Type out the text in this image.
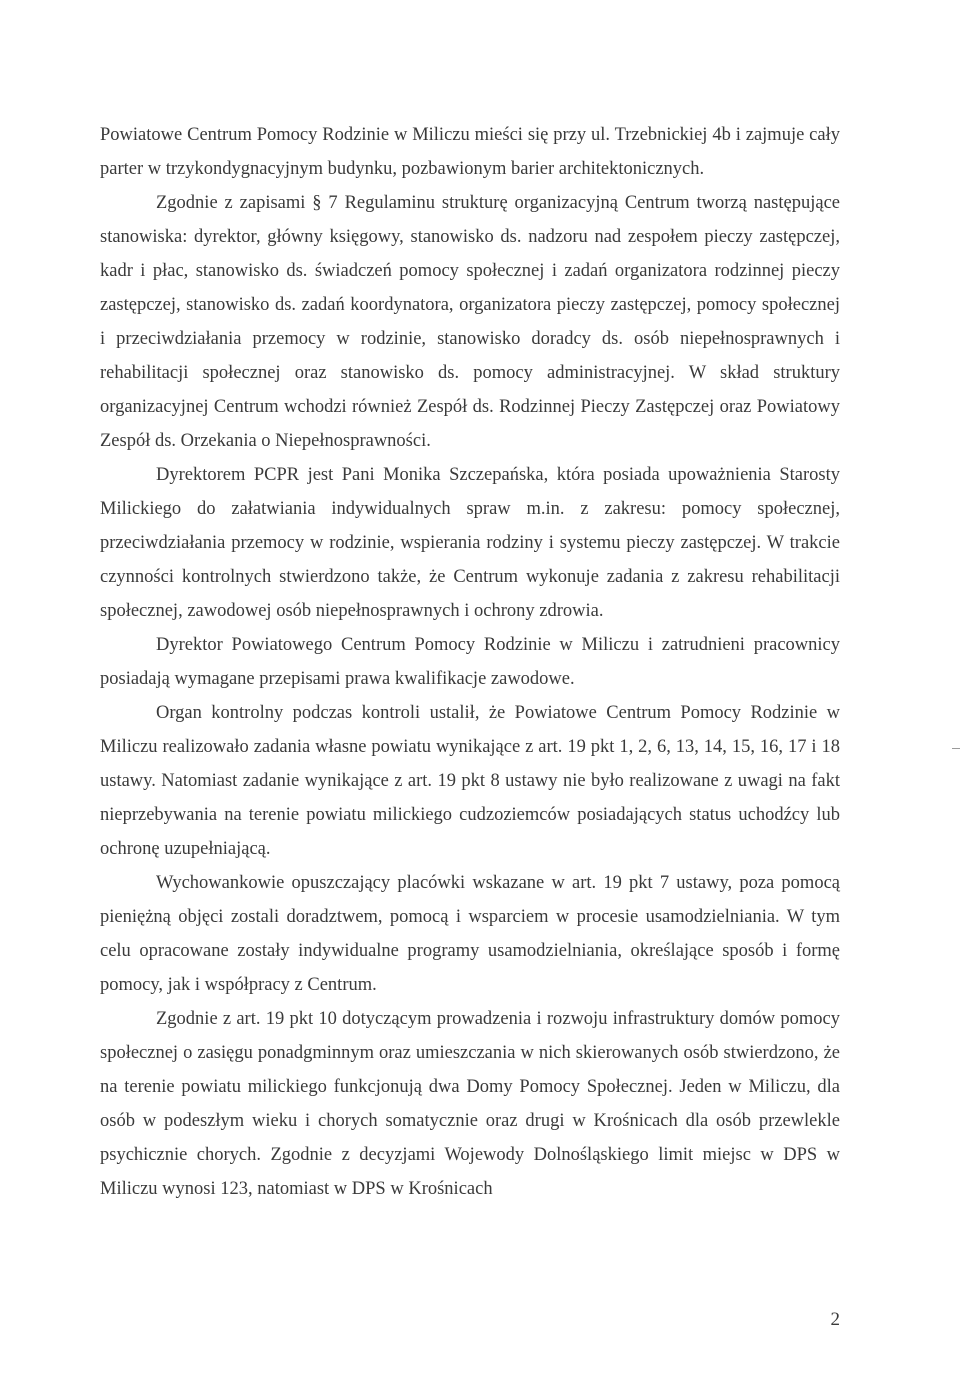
Powiatowe Centrum Pomocy Rodzinie w Miliczu mieści się przy ul. Trzebnickiej 4b i zajmuje cały parter w trzykondygnacyjnym budynku, pozbawionym barier architektonicznych.

Zgodnie z zapisami § 7 Regulaminu strukturę organizacyjną Centrum tworzą następujące stanowiska: dyrektor, główny księgowy, stanowisko ds. nadzoru nad zespołem pieczy zastępczej, kadr i płac, stanowisko ds. świadczeń pomocy społecznej i zadań organizatora rodzinnej pieczy zastępczej, stanowisko ds. zadań koordynatora, organizatora pieczy zastępczej, pomocy społecznej i przeciwdziałania przemocy w rodzinie, stanowisko doradcy ds. osób niepełnosprawnych i rehabilitacji społecznej oraz stanowisko ds. pomocy administracyjnej. W skład struktury organizacyjnej Centrum wchodzi również Zespół ds. Rodzinnej Pieczy Zastępczej oraz Powiatowy Zespół ds. Orzekania o Niepełnosprawności.

Dyrektorem PCPR jest Pani Monika Szczepańska, która posiada upoważnienia Starosty Milickiego do załatwiania indywidualnych spraw m.in. z zakresu: pomocy społecznej, przeciwdziałania przemocy w rodzinie, wspierania rodziny i systemu pieczy zastępczej. W trakcie czynności kontrolnych stwierdzono także, że Centrum wykonuje zadania z zakresu rehabilitacji społecznej, zawodowej osób niepełnosprawnych i ochrony zdrowia.

Dyrektor Powiatowego Centrum Pomocy Rodzinie w Miliczu i zatrudnieni pracownicy posiadają wymagane przepisami prawa kwalifikacje zawodowe.

Organ kontrolny podczas kontroli ustalił, że Powiatowe Centrum Pomocy Rodzinie w Miliczu realizowało zadania własne powiatu wynikające z art. 19 pkt 1, 2, 6, 13, 14, 15, 16, 17 i 18 ustawy. Natomiast zadanie wynikające z art. 19 pkt 8 ustawy nie było realizowane z uwagi na fakt nieprzebywania na terenie powiatu milickiego cudzoziemców posiadających status uchodźcy lub ochronę uzupełniającą.

Wychowankowie opuszczający placówki wskazane w art. 19 pkt 7 ustawy, poza pomocą pieniężną objęci zostali doradztwem, pomocą i wsparciem w procesie usamodzielniania. W tym celu opracowane zostały indywidualne programy usamodzielniania, określające sposób i formę pomocy, jak i współpracy z Centrum.

Zgodnie z art. 19 pkt 10 dotyczącym prowadzenia i rozwoju infrastruktury domów pomocy społecznej o zasięgu ponadgminnym oraz umieszczania w nich skierowanych osób stwierdzono, że na terenie powiatu milickiego funkcjonują dwa Domy Pomocy Społecznej. Jeden w Miliczu, dla osób w podeszłym wieku i chorych somatycznie oraz drugi w Krośnicach dla osób przewlekle psychicznie chorych. Zgodnie z decyzjami Wojewody Dolnośląskiego limit miejsc w DPS w Miliczu wynosi 123, natomiast w DPS w Krośnicach

2
